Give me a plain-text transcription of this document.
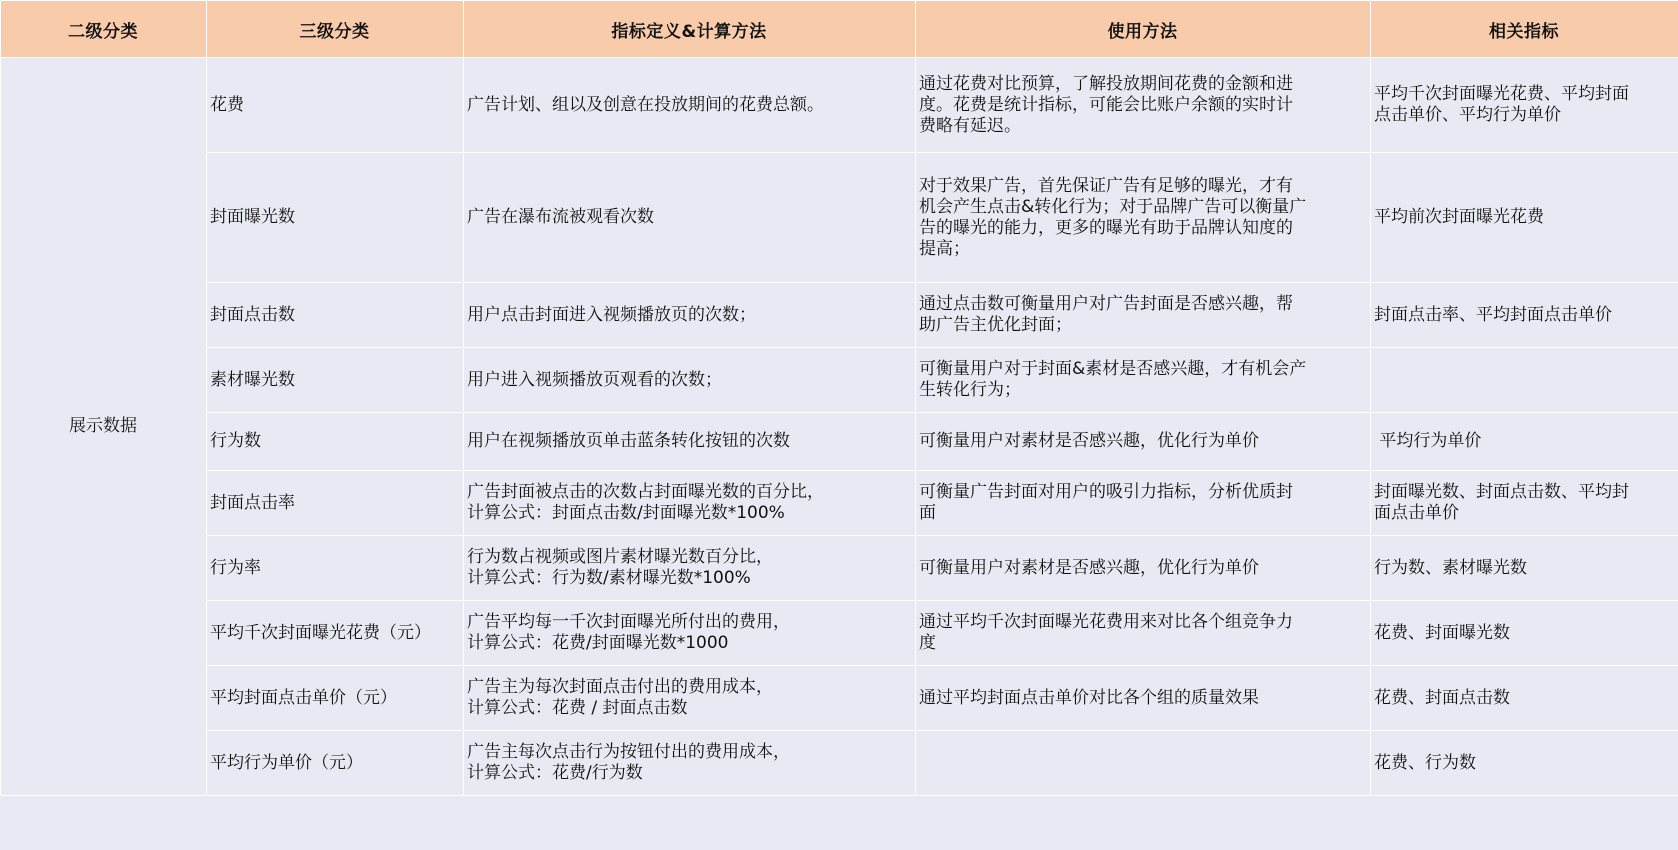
二级分类	三级分类	指标定义&计算方法	使用方法	相关指标
展示数据	花费	广告计划、组以及创意在投放期间的花费总额。	通过花费对比预算，了解投放期间花费的金额和进
度。花费是统计指标，可能会比账户余额的实时计
费略有延迟。	平均千次封面曝光花费、平均封面
点击单价、平均行为单价

	封面曝光数	广告在瀑布流被观看次数	对于效果广告，首先保证广告有足够的曝光，才有
机会产生点击&转化行为；对于品牌广告可以衡量广
告的曝光的能力，更多的曝光有助于品牌认知度的
提高；	平均前次封面曝光花费

	封面点击数	用户点击封面进入视频播放页的次数；	通过点击数可衡量用户对广告封面是否感兴趣，帮
助广告主优化封面；	封面点击率、平均封面点击单价

	素材曝光数	用户进入视频播放页观看的次数；	可衡量用户对于封面&素材是否感兴趣，才有机会产
生转化行为；	

	行为数	用户在视频播放页单击蓝条转化按钮的次数	可衡量用户对素材是否感兴趣，优化行为单价	平均行为单价

	封面点击率	广告封面被点击的次数占封面曝光数的百分比，
计算公式：封面点击数/封面曝光数*100%	可衡量广告封面对用户的吸引力指标，分析优质封
面	封面曝光数、封面点击数、平均封
面点击单价

	行为率	行为数占视频或图片素材曝光数百分比，
计算公式：行为数/素材曝光数*100%	可衡量用户对素材是否感兴趣，优化行为单价	行为数、素材曝光数

	平均千次封面曝光花费（元）	广告平均每一千次封面曝光所付出的费用，
计算公式：花费/封面曝光数*1000	通过平均千次封面曝光花费用来对比各个组竞争力
度	花费、封面曝光数

	平均封面点击单价（元）	广告主为每次封面点击付出的费用成本，
计算公式：花费 / 封面点击数	通过平均封面点击单价对比各个组的质量效果	花费、封面点击数

	平均行为单价（元）	广告主每次点击行为按钮付出的费用成本，
计算公式：花费/行为数		花费、行为数
